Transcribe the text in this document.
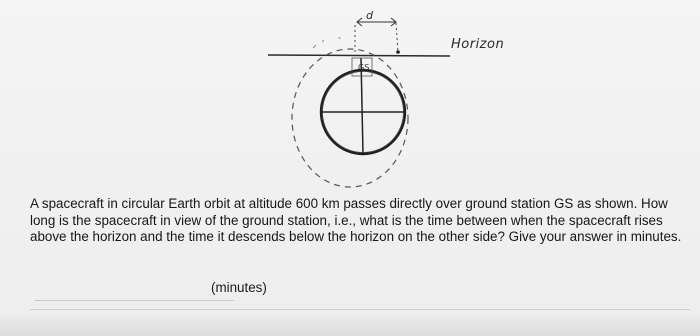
d
GS
Horizon
A spacecraft in circular Earth orbit at altitude 600 km passes directly over ground station GS as shown. How long is the spacecraft in view of the ground station, i.e., what is the time between when the spacecraft rises above the horizon and the time it descends below the horizon on the other side? Give your answer in minutes.
(minutes)
